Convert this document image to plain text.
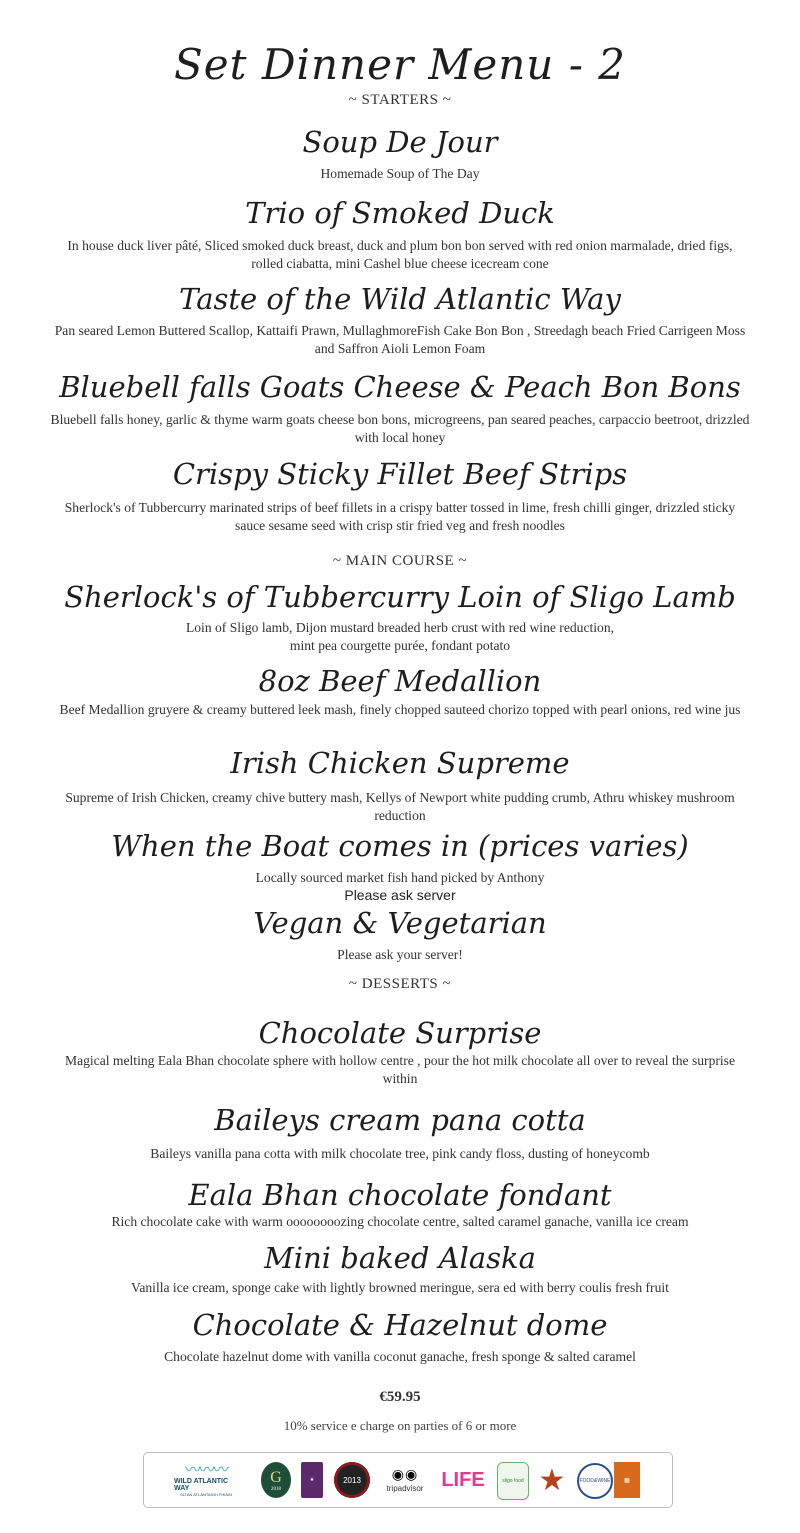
Set Dinner Menu - 2
~ STARTERS ~
Soup De Jour
Homemade Soup of The Day
Trio of Smoked Duck
In house duck liver pâté, Sliced smoked duck breast, duck and plum bon bon served with red onion marmalade, dried figs, rolled ciabatta, mini Cashel blue cheese icecream cone
Taste of the Wild Atlantic Way
Pan seared Lemon Buttered Scallop, Kattaifi Prawn, MullaghmoreFish Cake Bon Bon , Streedagh beach Fried Carrigeen Moss and Saffron Aioli Lemon Foam
Bluebell falls Goats Cheese & Peach Bon Bons
Bluebell falls honey, garlic & thyme warm goats cheese bon bons, microgreens, pan seared peaches, carpaccio beetroot, drizzled with local honey
Crispy Sticky Fillet Beef Strips
Sherlock's of Tubbercurry marinated strips of beef fillets in a crispy batter tossed in lime, fresh chilli ginger, drizzled sticky sauce sesame seed with crisp stir fried veg and fresh noodles
~ MAIN COURSE ~
Sherlock's of Tubbercurry Loin of Sligo Lamb
Loin of Sligo lamb, Dijon mustard breaded herb crust with red wine reduction,
mint pea courgette purée, fondant potato
8oz Beef Medallion
Beef Medallion gruyere & creamy buttered leek mash, finely chopped sauteed chorizo topped with pearl onions, red wine jus
Irish Chicken Supreme
Supreme of Irish Chicken, creamy chive buttery mash, Kellys of Newport white pudding crumb, Athru whiskey mushroom reduction
When the Boat comes in (prices varies)
Locally sourced market fish hand picked by Anthony
Please ask server
Vegan & Vegetarian
Please ask your server!
~ DESSERTS ~
Chocolate Surprise
Magical melting Eala Bhan chocolate sphere with hollow centre , pour the hot milk chocolate all over to reveal the surprise within
Baileys cream pana cotta
Baileys vanilla pana cotta with milk chocolate tree, pink candy floss, dusting of honeycomb
Eala Bhan chocolate fondant
Rich chocolate cake with warm oooooooozing chocolate centre, salted caramel ganache, vanilla ice cream
Mini baked Alaska
Vanilla ice cream, sponge cake with lightly browned meringue, sera ed with berry coulis fresh fruit
Chocolate & Hazelnut dome
Chocolate hazelnut dome with vanilla coconut ganache, fresh sponge & salted caramel
€59.95
10% service e charge on parties of 6 or more
〰〰〰
WILD ATLANTIC WAY
SLÍ AN ATLANTAIGH FHIÁIN
G
2018
★	2013	◉◉
tripadvisor LIFE	sligo food ★	FOOD&WINE	▦
